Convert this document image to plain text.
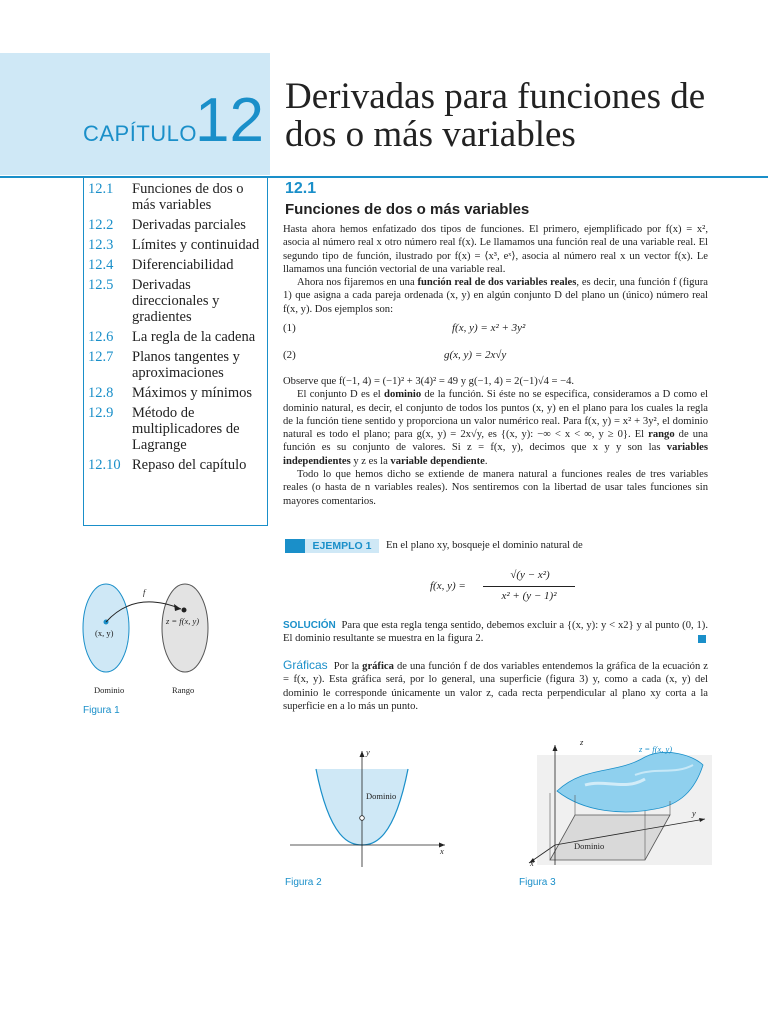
CAPÍTULO
12 Derivadas para funciones de dos o más variables
12.1	Funciones de dos o más variables
12.2	Derivadas parciales
12.3	Límites y continuidad
12.4	Diferenciabilidad
12.5	Derivadas direccionales y gradientes
12.6	La regla de la cadena
12.7	Planos tangentes y aproximaciones
12.8	Máximos y mínimos
12.9	Método de multiplicadores de Lagrange
12.10 Repaso del capítulo
12.1
Funciones de dos o más variables

Hasta ahora hemos enfatizado dos tipos de funciones. El primero, ejemplificado por f(x) = x², asocia al número real x otro número real f(x). Le llamamos una función real de una variable real. El segundo tipo de función, ilustrado por f(x) = ⟨x³, eˣ⟩, asocia al número real x un vector f(x). Le llamamos una función vectorial de una variable real.

Ahora nos fijaremos en una función real de dos variables reales, es decir, una función f (figura 1) que asigna a cada pareja ordenada (x, y) en algún conjunto D del plano un (único) número real f(x, y). Dos ejemplos son:

(1)	f(x, y) = x² + 3y²
(2)	g(x, y) = 2x√y

Observe que f(−1, 4) = (−1)² + 3(4)² = 49 y g(−1, 4) = 2(−1)√4 = −4.

El conjunto D es el dominio de la función. Si éste no se especifica, consideramos a D como el dominio natural, es decir, el conjunto de todos los puntos (x, y) en el plano para los cuales la regla de la función tiene sentido y proporciona un valor numérico real. Para f(x, y) = x² + 3y², el dominio natural es todo el plano; para g(x, y) = 2x√y, es {(x, y): −∞ < x < ∞, y ≥ 0}. El rango de una función es su conjunto de valores. Si z = f(x, y), decimos que x y y son las variables independientes y z es la variable dependiente.

Todo lo que hemos dicho se extiende de manera natural a funciones reales de tres variables reales (o hasta de n variables reales). Nos sentiremos con la libertad de usar tales funciones sin mayores comentarios.

EJEMPLO 1	En el plano xy, bosqueje el dominio natural de
f(x, y) =
√(y − x²)
x² + (y − 1)²

SOLUCIÓN Para que esta regla tenga sentido, debemos excluir a {(x, y): y < x2} y al punto (0, 1). El dominio resultante se muestra en la figura 2.

Gráficas Por la gráfica de una función f de dos variables entendemos la gráfica de la ecuación z = f(x, y). Esta gráfica será, por lo general, una superficie (figura 3) y, como a cada (x, y) del dominio le corresponde únicamente un valor z, cada recta perpendicular al plano xy corta a la superficie en a lo más un punto.

f
(x, y)
z = f(x, y)
Dominio	Rango
Figura 1
y
x
Dominio
Figura 2
z
z = f(x, y)
y
x
Dominio
Figura 3
